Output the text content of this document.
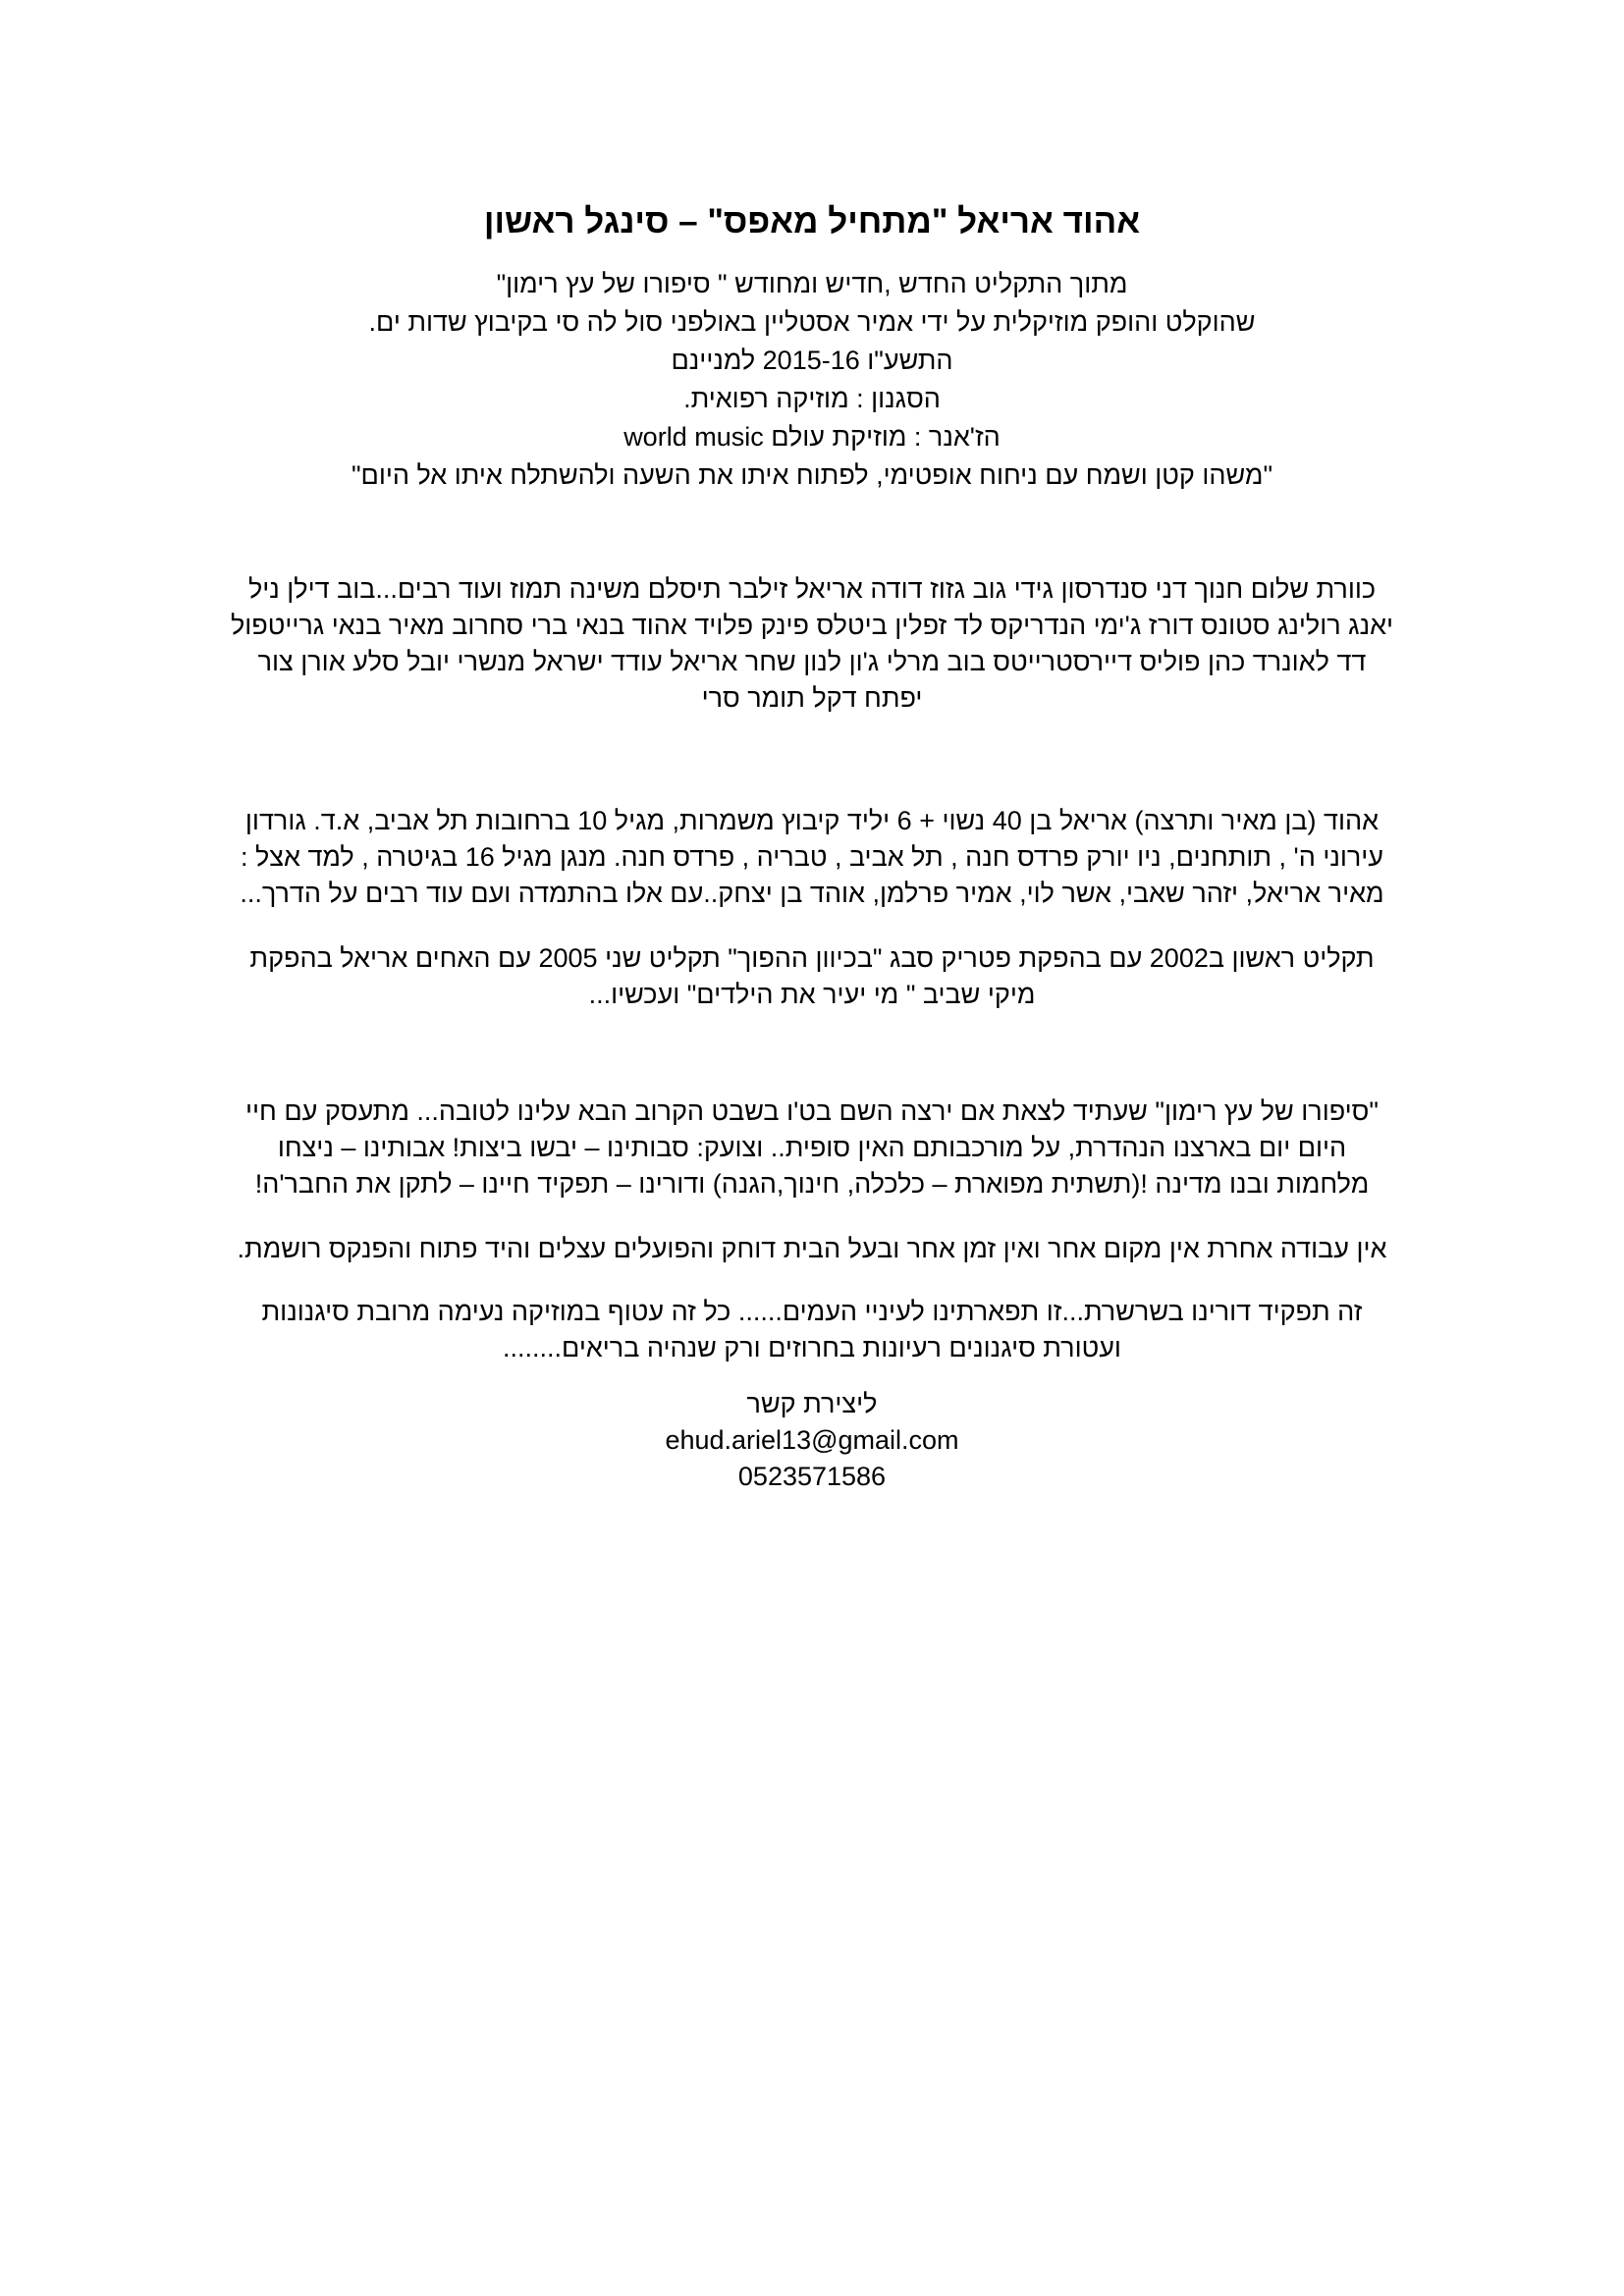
אהוד אריאל "מתחיל מאפס" – סינגל ראשון
מתוך התקליט החדש ,חדיש ומחודש " סיפורו של עץ רימון"
שהוקלט והופק מוזיקלית על ידי אמיר אסטליין באולפני סול לה סי בקיבוץ שדות ים.
התשע"ו 2015-16 למניינם
הסגנון : מוזיקה רפואית.
הז'אנר : מוזיקת עולם world music
"משהו קטן ושמח עם ניחוח אופטימי, לפתוח איתו את השעה ולהשתלח איתו אל היום"
כוורת שלום חנוך דני סנדרסון גידי גוב גזוז דודה אריאל זילבר תיסלם משינה תמוז ועוד רבים...בוב דילן ניל
יאנג רולינג סטונס דורז ג'ימי הנדריקס לד זפלין ביטלס פינק פלויד אהוד בנאי ברי סחרוב מאיר בנאי גרייטפול
דד לאונרד כהן פוליס דיירסטרייטס בוב מרלי ג'ון לנון שחר אריאל עודד ישראל מנשרי יובל סלע אורן צור
יפתח דקל תומר סרי
אהוד (בן מאיר ותרצה) אריאל בן 40 נשוי + 6 יליד קיבוץ משמרות, מגיל 10 ברחובות תל אביב, א.ד. גורדון
עירוני ה' , תותחנים, ניו יורק פרדס חנה , תל אביב , טבריה , פרדס חנה. מנגן מגיל 16 בגיטרה , למד אצל :
מאיר אריאל, יזהר שאבי, אשר לוי, אמיר פרלמן, אוהד בן יצחק..עם אלו בהתמדה ועם עוד רבים על הדרך...
תקליט ראשון ב2002 עם בהפקת פטריק סבג "בכיוון ההפוך" תקליט שני 2005 עם האחים אריאל בהפקת
מיקי שביב " מי יעיר את הילדים" ועכשיו...
"סיפורו של עץ רימון" שעתיד לצאת אם ירצה השם בט'ו בשבט הקרוב הבא עלינו לטובה... מתעסק עם חיי
היום יום בארצנו הנהדרת, על מורכבותם האין סופית.. וצועק: סבותינו – יבשו ביצות! אבותינו – ניצחו
מלחמות ובנו מדינה !(תשתית מפוארת – כלכלה, חינוך,הגנה) ודורינו – תפקיד חיינו – לתקן את החבר'ה!
אין עבודה אחרת אין מקום אחר ואין זמן אחר ובעל הבית דוחק והפועלים עצלים והיד פתוח והפנקס רושמת.
זה תפקיד דורינו בשרשרת...זו תפארתינו לעיניי העמים...... כל זה עטוף במוזיקה נעימה מרובת סיגנונות
ועטורת סיגנונים רעיונות בחרוזים ורק שנהיה בריאים........
ליצירת קשר
ehud.ariel13@gmail.com
0523571586
